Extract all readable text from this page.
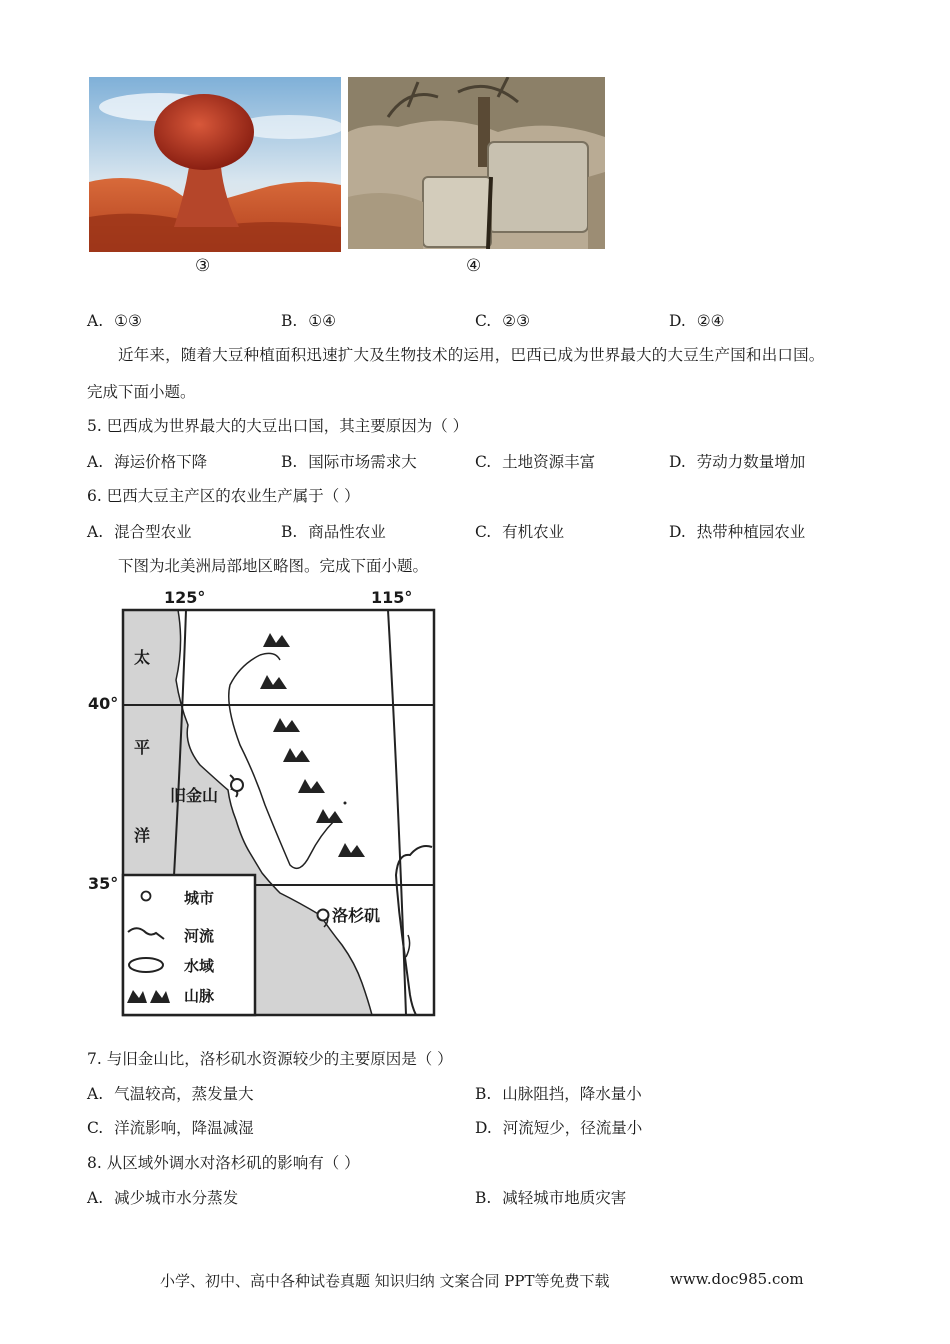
③	④
A. ①③	B. ①④	C. ②③	D. ②④
近年来，随着大豆种植面积迅速扩大及生物技术的运用，巴西已成为世界最大的大豆生产国和出口国。
完成下面小题。
5. 巴西成为世界最大的大豆出口国，其主要原因为（ ）
A. 海运价格下降	B. 国际市场需求大	C. 土地资源丰富	D. 劳动力数量增加
6. 巴西大豆主产区的农业生产属于（ ）
A. 混合型农业	B. 商品性农业	C. 有机农业	D. 热带种植园农业
下图为北美洲局部地区略图。完成下面小题。
125°	115°
40°
35°
太
平
洋
旧金山
洛杉矶
城市
河流
水域
山脉
7. 与旧金山比，洛杉矶水资源较少的主要原因是（ ）
A. 气温较高，蒸发量大	B. 山脉阻挡，降水量小
C. 洋流影响，降温减湿	D. 河流短少，径流量小
8. 从区域外调水对洛杉矶的影响有（ ）
A. 减少城市水分蒸发	B. 减轻城市地质灾害
小学、初中、高中各种试卷真题 知识归纳 文案合同 PPT等免费下载	www.doc985.com
